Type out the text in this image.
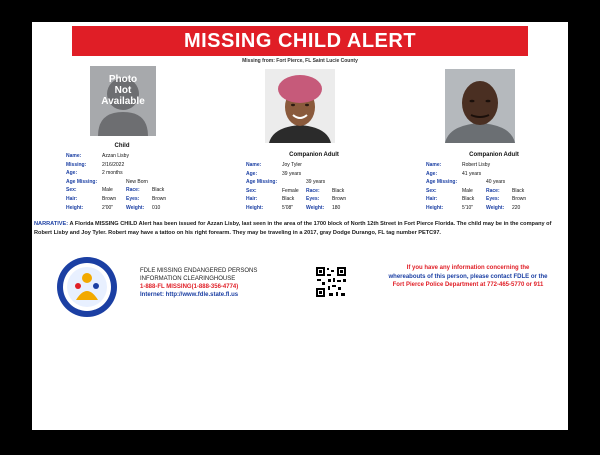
MISSING CHILD ALERT
Missing from: Fort Pierce, FL Saint Lucie County
Photo
Not
Available
Child
Name:	Azzan Lisby
Missing:	2/16/2022
Age:	2 months
Age Missing:	New Born
Sex:	Male	Race: Black
Hair:	Brown Eyes:	Brown
Height:	2'00"	Weight: 010
Companion Adult
Name:	Joy Tyler
Age:	39 years
Age Missing:	39 years
Sex:	Female Race: Black
Hair:	Black Eyes:	Brown
Height:	5'08"	Weight: 180
Companion Adult
Name:	Robert Lisby
Age:	41 years
Age Missing:	40 years
Sex:	Male	Race: Black
Hair:	Black Eyes:	Brown
Height:	5'10"	Weight: 220
NARRATIVE: A Florida MISSING CHILD Alert has been issued for Azzan Lisby, last seen in the area of the 1700 block of North 12th Street in Fort Pierce Florida. The child may be in the company of Robert Lisby and Joy Tyler. Robert may have a tattoo on his right forearm. They may be traveling in a 2017, gray Dodge Durango, FL tag number PETC97.
FDLE MISSING ENDANGERED PERSONS
INFORMATION CLEARINGHOUSE
1-888-FL MISSING(1-888-356-4774)
Internet: http://www.fdle.state.fl.us
If you have any information concerning the
whereabouts of this person, please contact FDLE or the
Fort Pierce Police Department at 772-465-5770 or 911
